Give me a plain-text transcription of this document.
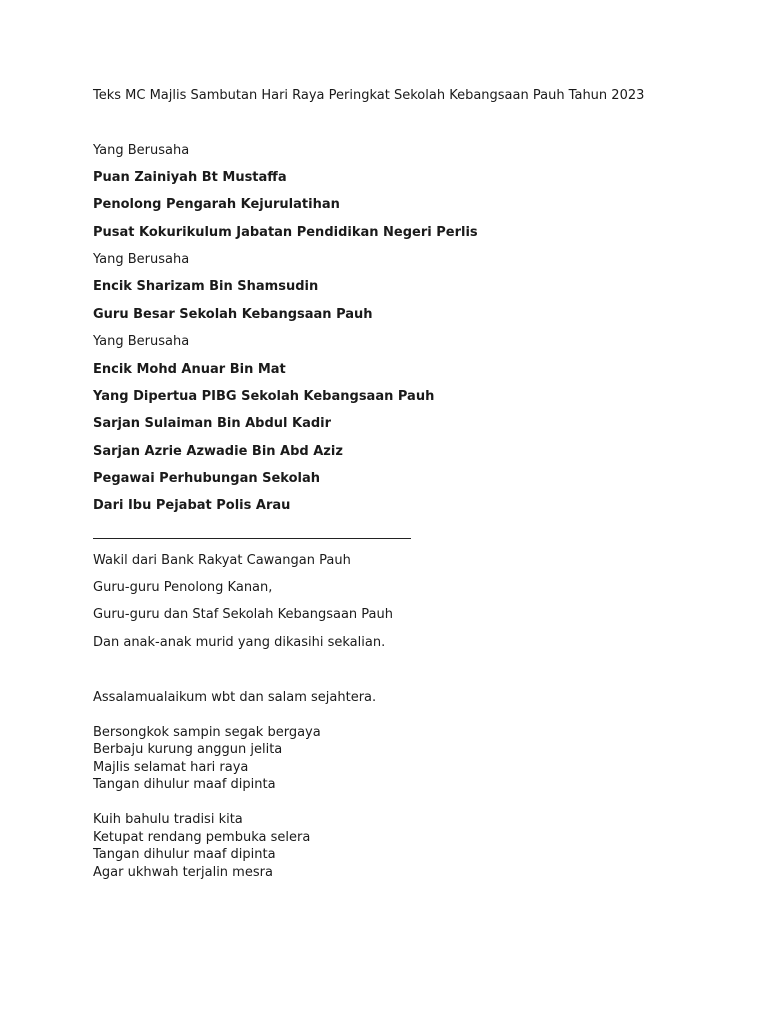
Teks MC Majlis Sambutan Hari Raya Peringkat Sekolah Kebangsaan Pauh Tahun 2023
Yang Berusaha
Puan Zainiyah Bt Mustaffa
Penolong Pengarah Kejurulatihan
Pusat Kokurikulum Jabatan Pendidikan Negeri Perlis
Yang Berusaha
Encik Sharizam Bin Shamsudin
Guru Besar Sekolah Kebangsaan Pauh
Yang Berusaha
Encik Mohd Anuar Bin Mat
Yang Dipertua PIBG Sekolah Kebangsaan Pauh
Sarjan Sulaiman Bin Abdul Kadir
Sarjan Azrie Azwadie Bin Abd Aziz
Pegawai Perhubungan Sekolah
Dari Ibu Pejabat Polis Arau
Wakil dari Bank Rakyat Cawangan Pauh
Guru-guru Penolong Kanan,
Guru-guru dan Staf Sekolah Kebangsaan Pauh
Dan anak-anak murid yang dikasihi sekalian.
Assalamualaikum wbt dan salam sejahtera.
Bersongkok sampin segak bergaya
Berbaju kurung anggun jelita
Majlis selamat hari raya
Tangan dihulur maaf dipinta
Kuih bahulu tradisi kita
Ketupat rendang pembuka selera
Tangan dihulur maaf dipinta
Agar ukhwah terjalin mesra
